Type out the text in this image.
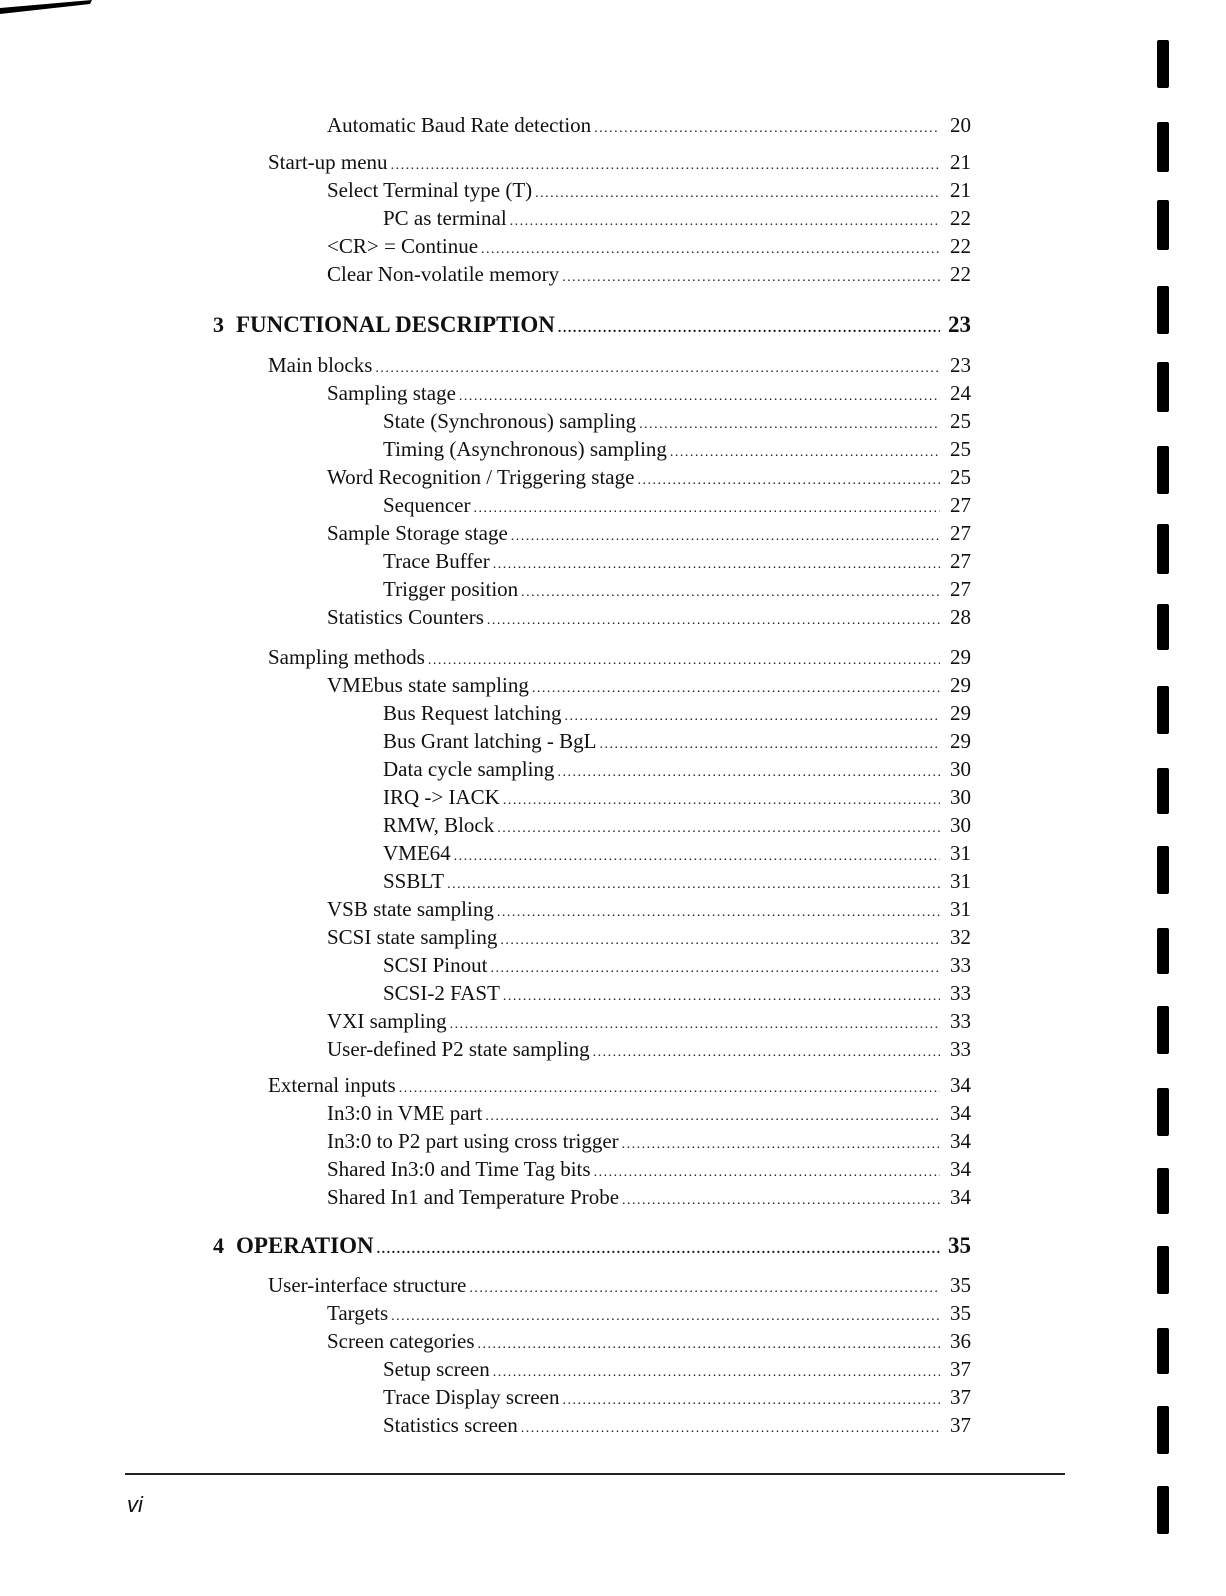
Automatic Baud Rate detection . . .	20
Start-up menu . . .	21
Select Terminal type (T) . . .	21
PC as terminal . . .	22
<CR> = Continue . . .	22
Clear Non-volatile memory . . .	22
3 FUNCTIONAL DESCRIPTION . . .	23
Main blocks . . .	23
Sampling stage . . .	24
State (Synchronous) sampling . . .	25
Timing (Asynchronous) sampling . . .	25
Word Recognition / Triggering stage . . .	25
Sequencer . . .	27
Sample Storage stage . . .	27
Trace Buffer . . .	27
Trigger position . . .	27
Statistics Counters . . .	28
Sampling methods . . .	29
VMEbus state sampling . . .	29
Bus Request latching . . .	29
Bus Grant latching - BgL . . .	29
Data cycle sampling . . .	30
IRQ -> IACK . . .	30
RMW, Block . . .	30
VME64 . . .	31
SSBLT . . .	31
VSB state sampling . . .	31
SCSI state sampling . . .	32
SCSI Pinout . . .	33
SCSI-2 FAST . . .	33
VXI sampling . . .	33
User-defined P2 state sampling . . .	33
External inputs . . .	34
In3:0 in VME part . . .	34
In3:0 to P2 part using cross trigger . . .	34
Shared In3:0 and Time Tag bits . . .	34
Shared In1 and Temperature Probe . . .	34
4 OPERATION . . .	35
User-interface structure . . .	35
Targets . . .	35
Screen categories . . .	36
Setup screen . . .	37
Trace Display screen . . .	37
Statistics screen . . .	37
vi
